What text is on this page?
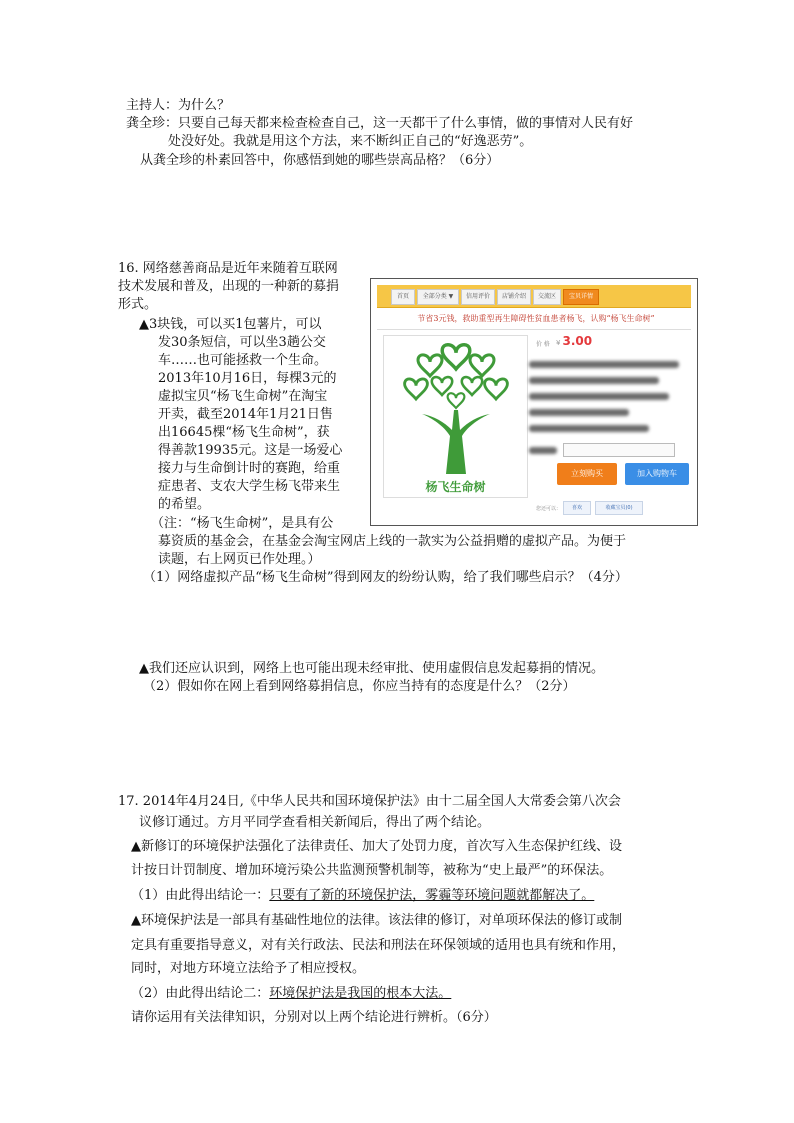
主持人：为什么？
龚全珍：只要自己每天都来检查检查自己，这一天都干了什么事情，做的事情对人民有好
处没好处。我就是用这个方法，来不断纠正自己的“好逸恶劳”。
从龚全珍的朴素回答中，你感悟到她的哪些崇高品格？（6分）
16. 网络慈善商品是近年来随着互联网
技术发展和普及，出现的一种新的募捐
形式。
▲3块钱，可以买1包薯片，可以
发30条短信，可以坐3趟公交
车……也可能拯救一个生命。
2013年10月16日，每棵3元的
虚拟宝贝“杨飞生命树”在淘宝
开卖，截至2014年1月21日售
出16645棵“杨飞生命树”，获
得善款19935元。这是一场爱心
接力与生命倒计时的赛跑，给重
症患者、支农大学生杨飞带来生
的希望。
（注：“杨飞生命树”，是具有公
募资质的基金会，在基金会淘宝网店上线的一款实为公益捐赠的虚拟产品。为便于
读题，右上网页已作处理。）
（1）网络虚拟产品“杨飞生命树”得到网友的纷纷认购，给了我们哪些启示？（4分）
▲我们还应认识到，网络上也可能出现未经审批、使用虚假信息发起募捐的情况。
（2）假如你在网上看到网络募捐信息，你应当持有的态度是什么？（2分）
首页	全部分类 ▼	信用评价	店铺介绍	交流区	宝贝详情
节省3元钱，救助重型再生障碍性贫血患者杨飞，认购“杨飞生命树”
杨飞生命树
价 格 ¥ 3.00
立刻购买	加入购物车
您还可以：	喜欢	收藏宝贝(0)
17. 2014年4月24日,《中华人民共和国环境保护法》由十二届全国人大常委会第八次会
议修订通过。方月平同学查看相关新闻后，得出了两个结论。
▲新修订的环境保护法强化了法律责任、加大了处罚力度，首次写入生态保护红线、设
计按日计罚制度、增加环境污染公共监测预警机制等，被称为“史上最严”的环保法。
（1）由此得出结论一：只要有了新的环境保护法，雾霾等环境问题就都解决了。
▲环境保护法是一部具有基础性地位的法律。该法律的修订，对单项环保法的修订或制
定具有重要指导意义，对有关行政法、民法和刑法在环保领域的适用也具有统和作用，
同时，对地方环境立法给予了相应授权。
（2）由此得出结论二：环境保护法是我国的根本大法。
请你运用有关法律知识，分别对以上两个结论进行辨析。（6分）
